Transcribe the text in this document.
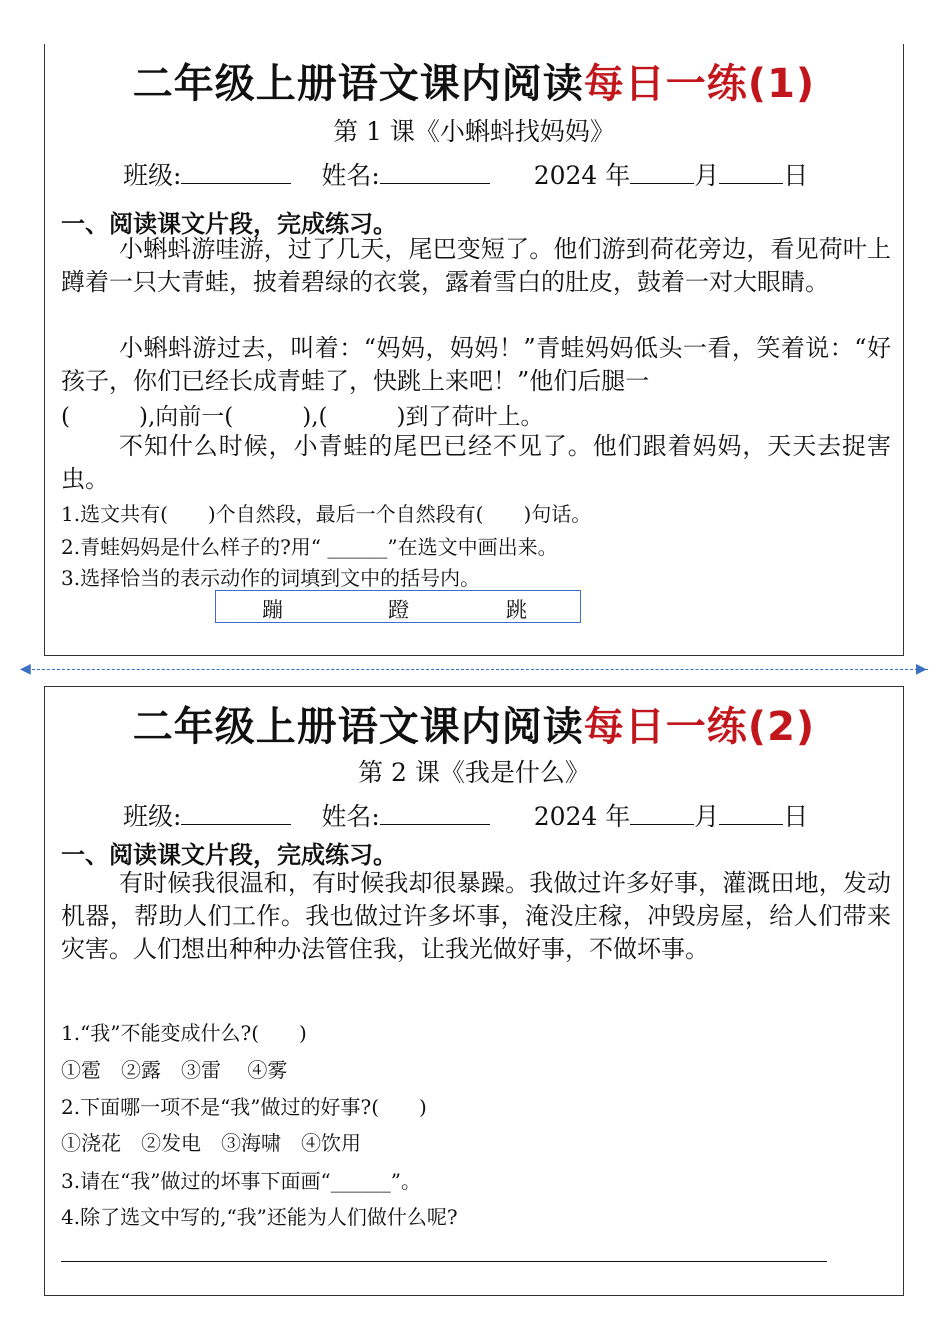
二年级上册语文课内阅读每日一练(1)
第 1 课《小蝌蚪找妈妈》
班级:	姓名:	2024 年	月	日
一、阅读课文片段，完成练习。

小蝌蚪游哇游，过了几天，尾巴变短了。他们游到荷花旁边，看见荷叶上蹲着一只大青蛙，披着碧绿的衣裳，露着雪白的肚皮，鼓着一对大眼睛。

小蝌蚪游过去，叫着：“妈妈，妈妈！”青蛙妈妈低头一看，笑着说：“好孩子，你们已经长成青蛙了，快跳上来吧！”他们后腿一

(　　　),向前一(　　　),(　　　)到了荷叶上。

不知什么时候，小青蛙的尾巴已经不见了。他们跟着妈妈，天天去捉害虫。

1.选文共有(　　)个自然段，最后一个自然段有(　　)句话。
2.青蛙妈妈是什么样子的?用“ ______”在选文中画出来。
3.选择恰当的表示动作的词填到文中的括号内。
蹦	蹬	跳
◀	▶
二年级上册语文课内阅读每日一练(2)
第 2 课《我是什么》
班级:	姓名:	2024 年	月	日
一、阅读课文片段，完成练习。

有时候我很温和，有时候我却很暴躁。我做过许多好事，灌溉田地，发动机器，帮助人们工作。我也做过许多坏事，淹没庄稼，冲毁房屋，给人们带来灾害。人们想出种种办法管住我，让我光做好事，不做坏事。

1.“我”不能变成什么?(　　)
①雹　②露　③雷　 ④雾
2.下面哪一项不是“我”做过的好事?(　　)
①浇花　②发电　③海啸　④饮用
3.请在“我”做过的坏事下面画“______”。
4.除了选文中写的,“我”还能为人们做什么呢?
